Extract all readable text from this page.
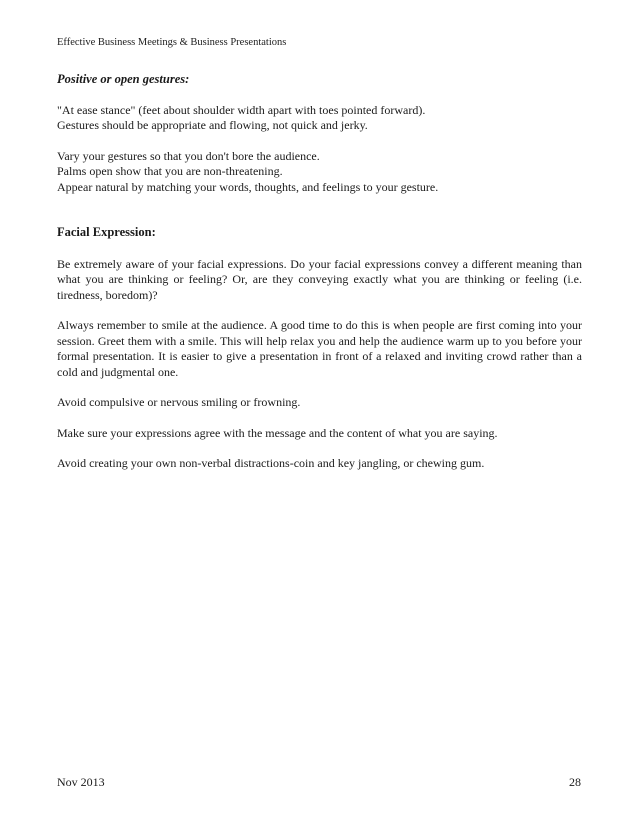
Effective Business Meetings & Business Presentations
Positive or open gestures:
"At ease stance" (feet about shoulder width apart with toes pointed forward).
Gestures should be appropriate and flowing, not quick and jerky.
Vary your gestures so that you don't bore the audience.
Palms open show that you are non-threatening.
Appear natural by matching your words, thoughts, and feelings to your gesture.
Facial Expression:

Be extremely aware of your facial expressions. Do your facial expressions convey a different meaning than what you are thinking or feeling? Or, are they conveying exactly what you are thinking or feeling (i.e. tiredness, boredom)?

Always remember to smile at the audience. A good time to do this is when people are first coming into your session. Greet them with a smile. This will help relax you and help the audience warm up to you before your formal presentation. It is easier to give a presentation in front of a relaxed and inviting crowd rather than a cold and judgmental one.

Avoid compulsive or nervous smiling or frowning.

Make sure your expressions agree with the message and the content of what you are saying.

Avoid creating your own non-verbal distractions-coin and key jangling, or chewing gum.

Nov 2013	28
